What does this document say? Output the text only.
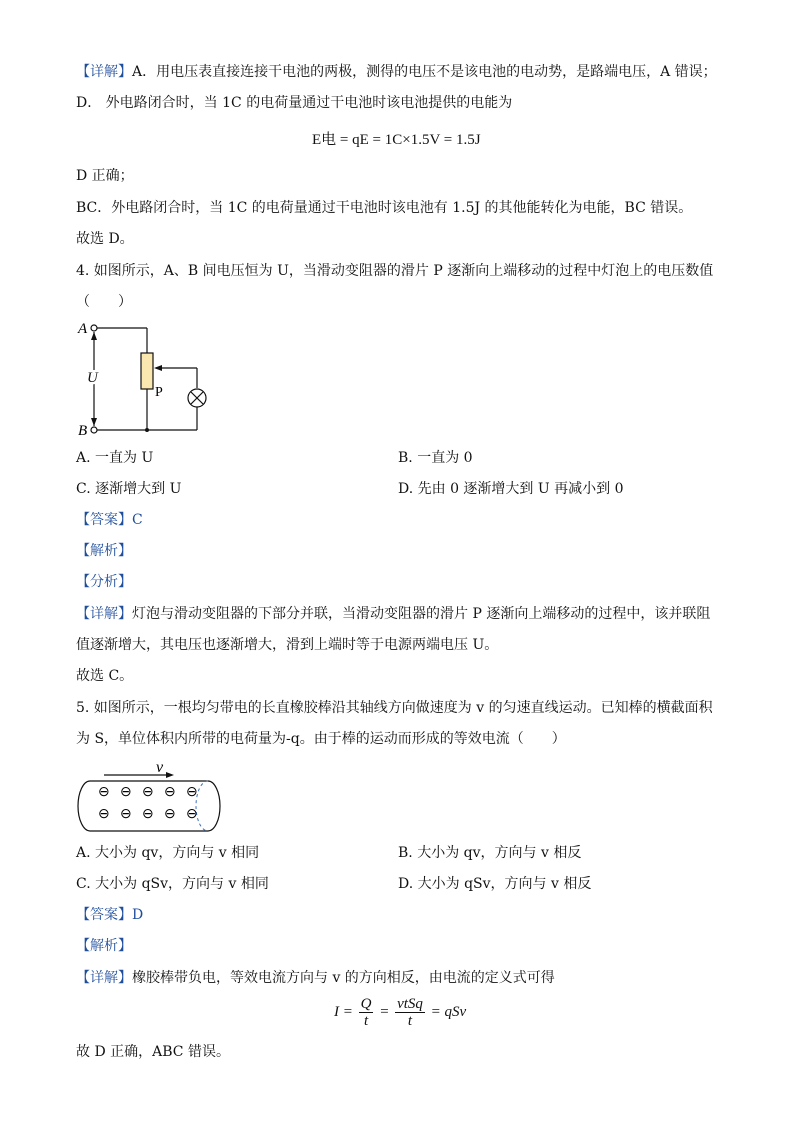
【详解】A．用电压表直接连接干电池的两极，测得的电压不是该电池的电动势，是路端电压，A 错误；
D． 外电路闭合时，当 1C 的电荷量通过干电池时该电池提供的电能为
E电 = qE = 1C×1.5V = 1.5J
D 正确；
BC．外电路闭合时，当 1C 的电荷量通过干电池时该电池有 1.5J 的其他能转化为电能，BC 错误。
故选 D。
4. 如图所示，A、B 间电压恒为 U，当滑动变阻器的滑片 P 逐渐向上端移动的过程中灯泡上的电压数值
（　　）
A
B
U
P
A. 一直为 U	B. 一直为 0
C. 逐渐增大到 U	D. 先由 0 逐渐增大到 U 再减小到 0
【答案】C
【解析】
【分析】
【详解】灯泡与滑动变阻器的下部分并联，当滑动变阻器的滑片 P 逐渐向上端移动的过程中，该并联阻
值逐渐增大，其电压也逐渐增大，滑到上端时等于电源两端电压 U。
故选 C。
5. 如图所示，一根均匀带电的长直橡胶棒沿其轴线方向做速度为 v 的匀速直线运动。已知棒的横截面积
为 S，单位体积内所带的电荷量为-q。由于棒的运动而形成的等效电流（　　）
v
⊖ ⊖ ⊖ ⊖ ⊖
⊖ ⊖ ⊖ ⊖ ⊖
A. 大小为 qv，方向与 v 相同	B. 大小为 qv，方向与 v 相反
C. 大小为 qSv，方向与 v 相同	D. 大小为 qSv，方向与 v 相反
【答案】D
【解析】
【详解】橡胶棒带负电，等效电流方向与 v 的方向相反，由电流的定义式可得
$I = \frac{Q}{t} = \frac{\text{vtSq}}{t}$ = qSv
故 D 正确，ABC 错误。
